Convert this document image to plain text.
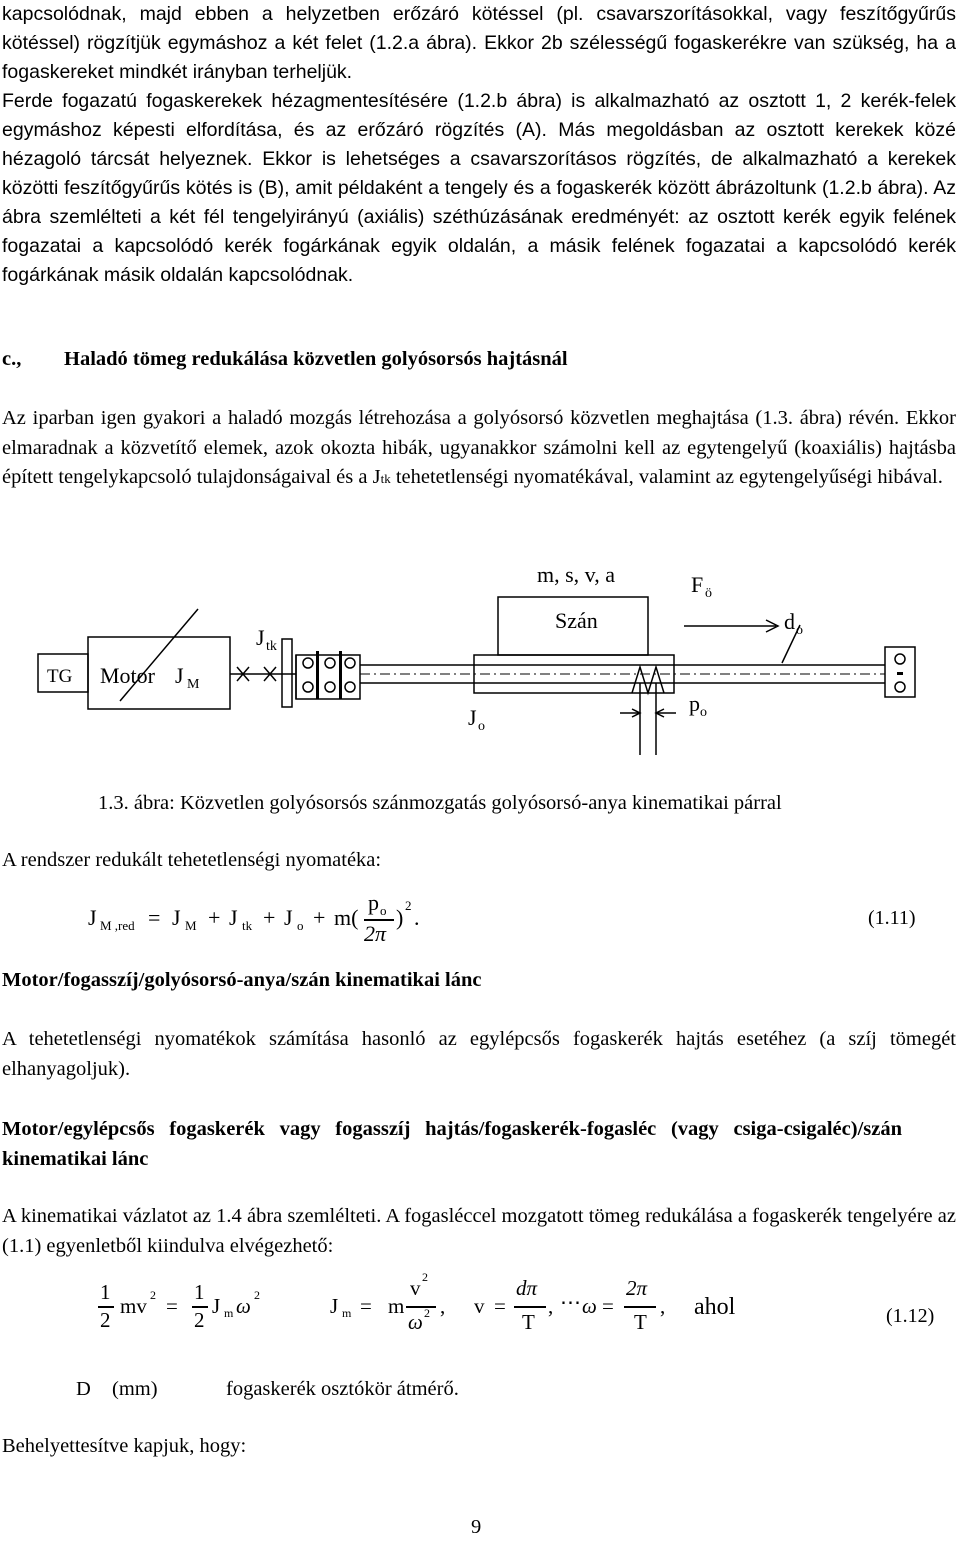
kapcsolódnak, majd ebben a helyzetben erőzáró kötéssel (pl. csavarszorításokkal, vagy feszítőgyűrűs kötéssel) rögzítjük egymáshoz a két felet (1.2.a ábra). Ekkor 2b szélességű fogaskerékre van szükség, ha a fogaskereket mindkét irányban terheljük.

Ferde fogazatú fogaskerekek hézagmentesítésére (1.2.b ábra) is alkalmazható az osztott 1, 2 kerék-felek egymáshoz képesti elfordítása, és az erőzáró rögzítés (A). Más megoldásban az osztott kerekek közé hézagoló tárcsát helyeznek. Ekkor is lehetséges a csavarszorításos rögzítés, de alkalmazható a kerekek közötti feszítőgyűrűs kötés is (B), amit példaként a tengely és a fogaskerék között ábrázoltunk (1.2.b ábra). Az ábra szemlélteti a két fél tengelyirányú (axiális) széthúzásának eredményét: az osztott kerék egyik felének fogazatai a kapcsolódó kerék fogárkának egyik oldalán, a másik felének fogazatai a kapcsolódó kerék fogárkának másik oldalán kapcsolódnak.

c., Haladó tömeg redukálása közvetlen golyósorsós hajtásnál

Az iparban igen gyakori a haladó mozgás létrehozása a golyósorsó közvetlen meghajtása (1.3. ábra) révén. Ekkor elmaradnak a közvetítő elemek, azok okozta hibák, ugyanakkor számolni kell az egytengelyű (koaxiális) hajtásba épített tengelykapcsoló tulajdonságaival és a Jtk tehetetlenségi nyomatékával, valamint az egytengelyűségi hibával.

TG Motor J M
J tk
m, s, v, a
Szán
F ö
d o
J o
p o
1.3. ábra: Közvetlen golyósorsós szánmozgatás golyósorsó-anya kinematikai párral
A rendszer redukált tehetetlenségi nyomatéka:
J M ,red = J M + J tk + J o + m(
p o
2π
) 2 .	(1.11)
Motor/fogasszíj/golyósorsó-anya/szán kinematikai lánc

A tehetetlenségi nyomatékok számítása hasonló az egylépcsős fogaskerék hajtás esetéhez (a szíj tömegét elhanyagoljuk).

Motor/egylépcsős fogaskerék vagy fogasszíj hajtás/fogaskerék-fogasléc (vagy csiga-csigaléc)/szán kinematikai lánc

A kinematikai vázlatot az 1.4 ábra szemlélteti. A fogasléccel mozgatott tömeg redukálása a fogaskerék tengelyére az (1.1) egyenletből kiindulva elvégezhető:

1
2
mv 2 =
1
2
J m ω 2	J m = m
v 2
ω 2 , v =
dπ
T
, ⋯ ω =
2π
T
, ahol	(1.12)
D (mm)	fogaskerék osztókör átmérő.
Behelyettesítve kapjuk, hogy:
9
